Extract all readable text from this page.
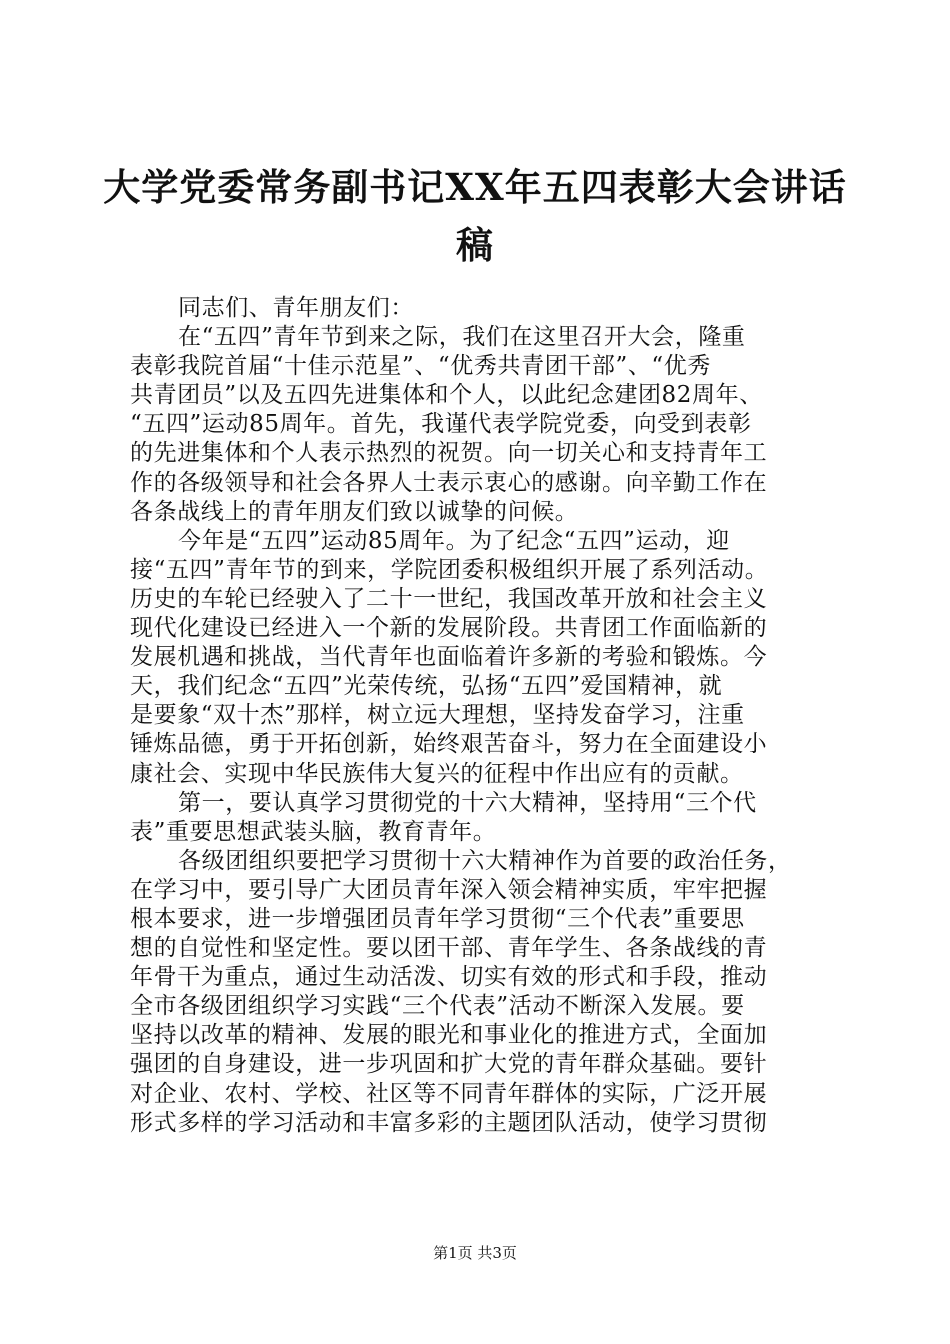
大学党委常务副书记XX年五四表彰大会讲话
稿
同志们、青年朋友们：
在“五四”青年节到来之际，我们在这里召开大会，隆重
表彰我院首届“十佳示范星”、“优秀共青团干部”、“优秀
共青团员”以及五四先进集体和个人，以此纪念建团82周年、
“五四”运动85周年。首先，我谨代表学院党委，向受到表彰
的先进集体和个人表示热烈的祝贺。向一切关心和支持青年工
作的各级领导和社会各界人士表示衷心的感谢。向辛勤工作在
各条战线上的青年朋友们致以诚挚的问候。
今年是“五四”运动85周年。为了纪念“五四”运动，迎
接“五四”青年节的到来，学院团委积极组织开展了系列活动。
历史的车轮已经驶入了二十一世纪，我国改革开放和社会主义
现代化建设已经进入一个新的发展阶段。共青团工作面临新的
发展机遇和挑战，当代青年也面临着许多新的考验和锻炼。今
天，我们纪念“五四”光荣传统，弘扬“五四”爱国精神，就
是要象“双十杰”那样，树立远大理想，坚持发奋学习，注重
锤炼品德，勇于开拓创新，始终艰苦奋斗，努力在全面建设小
康社会、实现中华民族伟大复兴的征程中作出应有的贡献。
第一，要认真学习贯彻党的十六大精神，坚持用“三个代
表”重要思想武装头脑，教育青年。
各级团组织要把学习贯彻十六大精神作为首要的政治任务，
在学习中，要引导广大团员青年深入领会精神实质，牢牢把握
根本要求，进一步增强团员青年学习贯彻“三个代表”重要思
想的自觉性和坚定性。要以团干部、青年学生、各条战线的青
年骨干为重点，通过生动活泼、切实有效的形式和手段，推动
全市各级团组织学习实践“三个代表”活动不断深入发展。要
坚持以改革的精神、发展的眼光和事业化的推进方式，全面加
强团的自身建设，进一步巩固和扩大党的青年群众基础。要针
对企业、农村、学校、社区等不同青年群体的实际，广泛开展
形式多样的学习活动和丰富多彩的主题团队活动，使学习贯彻
第1页 共3页
